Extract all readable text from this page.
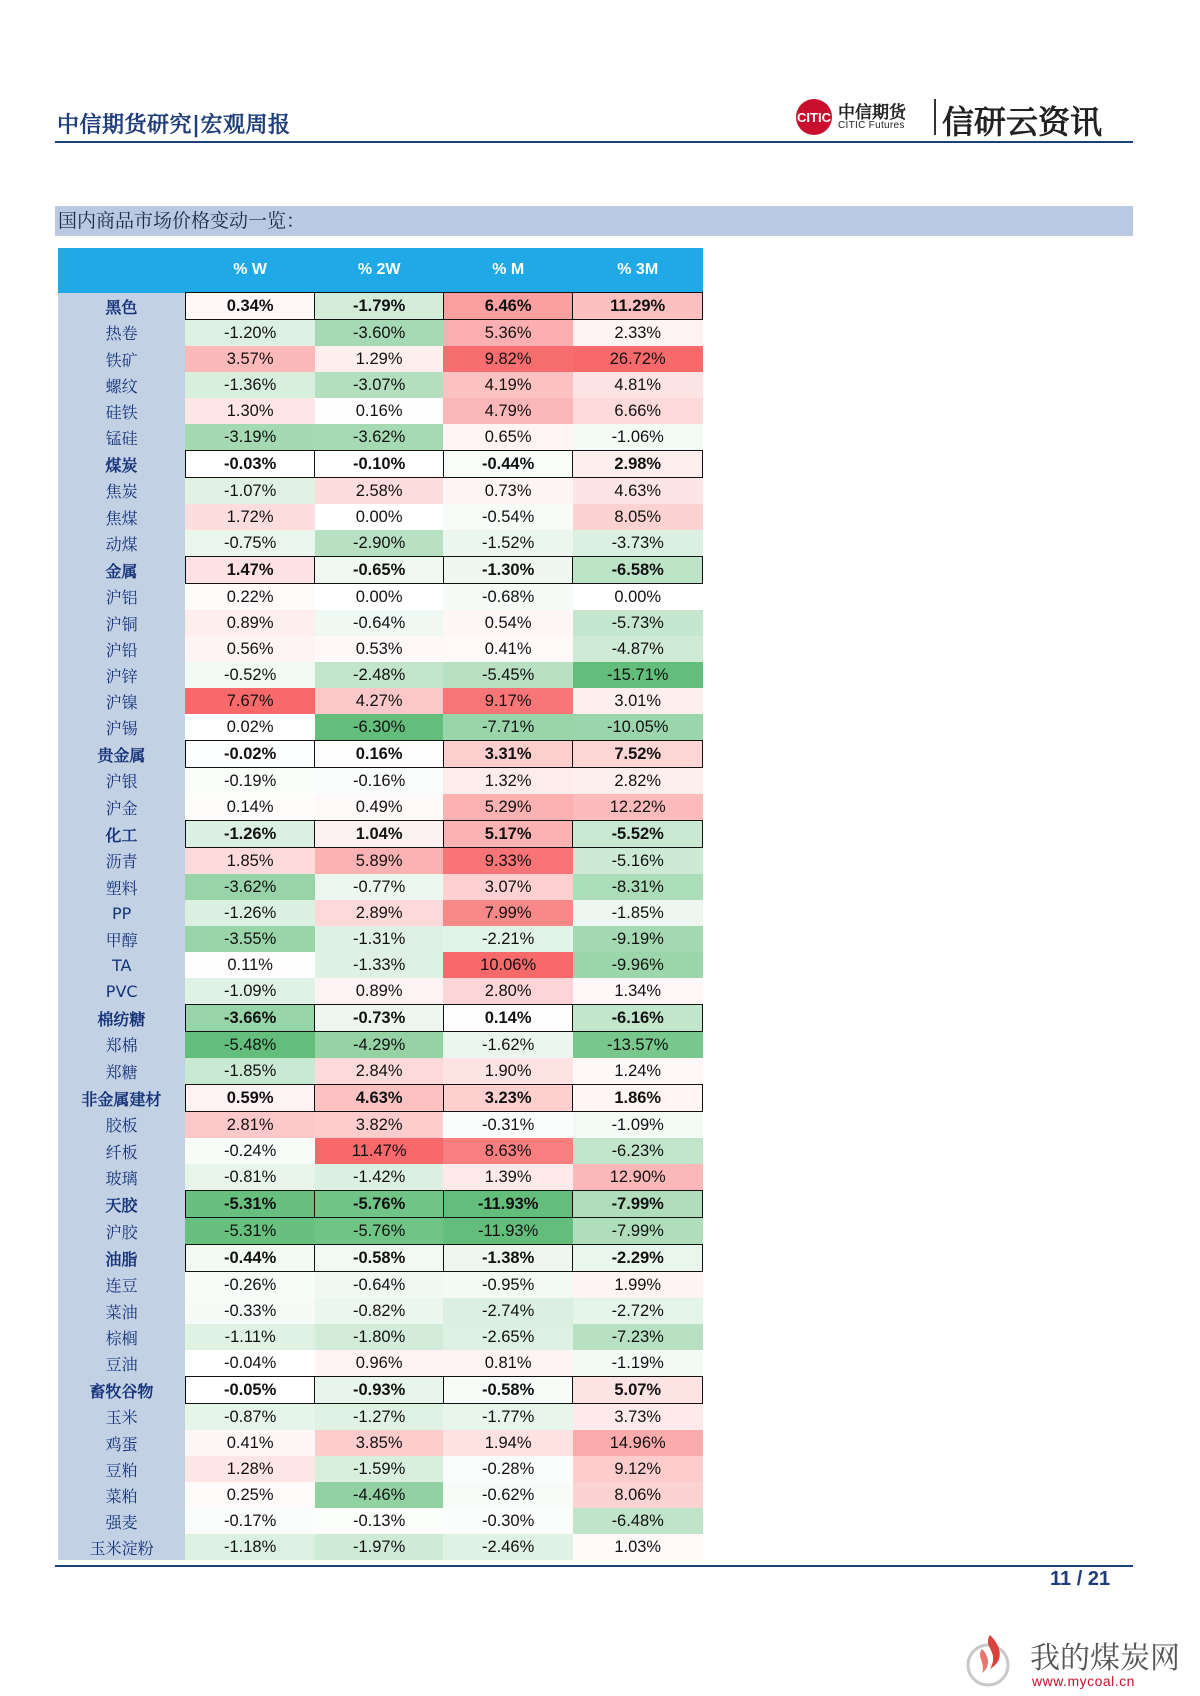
中信期货研究|宏观周报	CITIC 中信期货
CITIC Futures 信研云资讯
国内商品市场价格变动一览：
	% W	% 2W	% M	% 3M
黑色	0.34%	-1.79%	6.46%	11.29%
热卷	-1.20%	-3.60%	5.36%	2.33%
铁矿	3.57%	1.29%	9.82%	26.72%
螺纹	-1.36%	-3.07%	4.19%	4.81%
硅铁	1.30%	0.16%	4.79%	6.66%
锰硅	-3.19%	-3.62%	0.65%	-1.06%
煤炭	-0.03%	-0.10%	-0.44%	2.98%
焦炭	-1.07%	2.58%	0.73%	4.63%
焦煤	1.72%	0.00%	-0.54%	8.05%
动煤	-0.75%	-2.90%	-1.52%	-3.73%
金属	1.47%	-0.65%	-1.30%	-6.58%
沪铝	0.22%	0.00%	-0.68%	0.00%
沪铜	0.89%	-0.64%	0.54%	-5.73%
沪铅	0.56%	0.53%	0.41%	-4.87%
沪锌	-0.52%	-2.48%	-5.45%	-15.71%
沪镍	7.67%	4.27%	9.17%	3.01%
沪锡	0.02%	-6.30%	-7.71%	-10.05%
贵金属	-0.02%	0.16%	3.31%	7.52%
沪银	-0.19%	-0.16%	1.32%	2.82%
沪金	0.14%	0.49%	5.29%	12.22%
化工	-1.26%	1.04%	5.17%	-5.52%
沥青	1.85%	5.89%	9.33%	-5.16%
塑料	-3.62%	-0.77%	3.07%	-8.31%
PP	-1.26%	2.89%	7.99%	-1.85%
甲醇	-3.55%	-1.31%	-2.21%	-9.19%
TA	0.11%	-1.33%	10.06%	-9.96%
PVC	-1.09%	0.89%	2.80%	1.34%
棉纺糖	-3.66%	-0.73%	0.14%	-6.16%
郑棉	-5.48%	-4.29%	-1.62%	-13.57%
郑糖	-1.85%	2.84%	1.90%	1.24%
非金属建材	0.59%	4.63%	3.23%	1.86%
胶板	2.81%	3.82%	-0.31%	-1.09%
纤板	-0.24%	11.47%	8.63%	-6.23%
玻璃	-0.81%	-1.42%	1.39%	12.90%
天胶	-5.31%	-5.76%	-11.93%	-7.99%
沪胶	-5.31%	-5.76%	-11.93%	-7.99%
油脂	-0.44%	-0.58%	-1.38%	-2.29%
连豆	-0.26%	-0.64%	-0.95%	1.99%
菜油	-0.33%	-0.82%	-2.74%	-2.72%
棕榈	-1.11%	-1.80%	-2.65%	-7.23%
豆油	-0.04%	0.96%	0.81%	-1.19%
畜牧谷物	-0.05%	-0.93%	-0.58%	5.07%
玉米	-0.87%	-1.27%	-1.77%	3.73%
鸡蛋	0.41%	3.85%	1.94%	14.96%
豆粕	1.28%	-1.59%	-0.28%	9.12%
菜粕	0.25%	-4.46%	-0.62%	8.06%
强麦	-0.17%	-0.13%	-0.30%	-6.48%
玉米淀粉	-1.18%	-1.97%	-2.46%	1.03%
11 / 21
我的煤炭网
www.mycoal.cn
